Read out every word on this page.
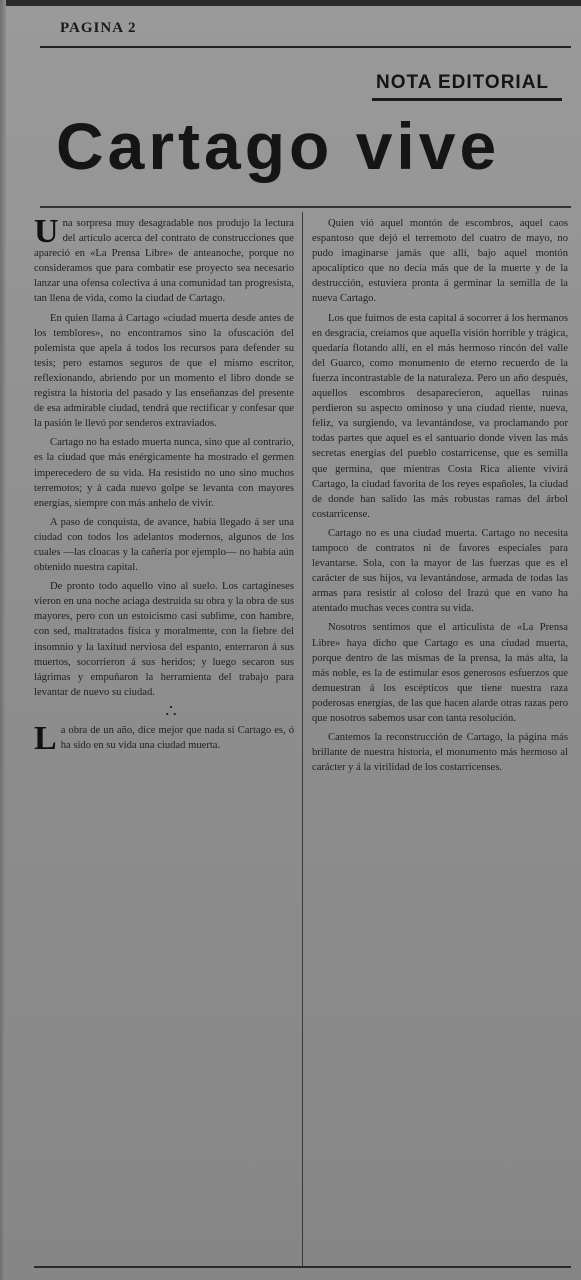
PAGINA 2
NOTA EDITORIAL
Cartago vive

Una sorpresa muy desagradable nos produjo la lectura del artículo acerca del contrato de construcciones que apareció en «La Prensa Libre» de anteanoche, porque no consideramos que para combatir ese proyecto sea necesario lanzar una ofensa colectiva á una comunidad tan progresista, tan llena de vida, como la ciudad de Cartago.

En quien llama á Cartago «ciudad muerta desde antes de los temblores», no encontramos sino la ofuscación del polemista que apela á todos los recursos para defender su tesis; pero estamos seguros de que el mismo escritor, reflexionando, abriendo por un momento el libro donde se registra la historia del pasado y las enseñanzas del presente de esa admirable ciudad, tendrá que rectificar y confesar que la pasión le llevó por senderos extraviados.

Cartago no ha estado muerta nunca, sino que al contrario, es la ciudad que más enérgicamente ha mostrado el germen imperecedero de su vida. Ha resistido no uno sino muchos terremotos; y á cada nuevo golpe se levanta con mayores energías, siempre con más anhelo de vivir.

A paso de conquista, de avance, había llegado á ser una ciudad con todos los adelantos modernos, algunos de los cuales —las cloacas y la cañería por ejemplo— no había aún obtenido nuestra capital.

De pronto todo aquello vino al suelo. Los cartagineses vieron en una noche aciaga destruida su obra y la obra de sus mayores, pero con un estoicismo casi sublime, con hambre, con sed, maltratados física y moralmente, con la fiebre del insomnio y la laxitud nerviosa del espanto, enterraron á sus muertos, socorrieron á sus heridos; y luego secaron sus lágrimas y empuñaron la herramienta del trabajo para levantar de nuevo su ciudad.

∴

La obra de un año, dice mejor que nada si Cartago es, ó ha sido en su vida una ciudad muerta.

Quien vió aquel montón de escombros, aquel caos espantoso que dejó el terremoto del cuatro de mayo, no pudo imaginarse jamás que allí, bajo aquel montón apocalíptico que no decía más que de la muerte y de la destrucción, estuviera pronta á germinar la semilla de la nueva Cartago.

Los que fuimos de esta capital á socorrer á los hermanos en desgracia, creíamos que aquella visión horrible y trágica, quedaría flotando allí, en el más hermoso rincón del valle del Guarco, como monumento de eterno recuerdo de la fuerza incontrastable de la naturaleza. Pero un año después, aquellos escombros desaparecieron, aquellas ruinas perdieron su aspecto ominoso y una ciudad riente, nueva, feliz, va surgiendo, va levantándose, va proclamando por todas partes que aquel es el santuario donde viven las más secretas energías del pueblo costarricense, que es semilla que germina, que mientras Costa Rica aliente vivirá Cartago, la ciudad favorita de los reyes españoles, la ciudad de donde han salido las más robustas ramas del árbol costarricense.

Cartago no es una ciudad muerta. Cartago no necesita tampoco de contratos ni de favores especiales para levantarse. Sola, con la mayor de las fuerzas que es el carácter de sus hijos, va levantándose, armada de todas las armas para resistir al coloso del Irazú que en vano ha atentado muchas veces contra su vida.

Nosotros sentimos que el articulista de «La Prensa Libre» haya dicho que Cartago es una ciudad muerta, porque dentro de las mismas de la prensa, la más alta, la más noble, es la de estimular esos generosos esfuerzos que demuestran á los escépticos que tiene nuestra raza poderosas energías, de las que hacen alarde otras razas pero que nosotros sabemos usar con tanta resolución.

Cantemos la reconstrucción de Cartago, la página más brillante de nuestra historia, el monumento más hermoso al carácter y á la virilidad de los costarricenses.
